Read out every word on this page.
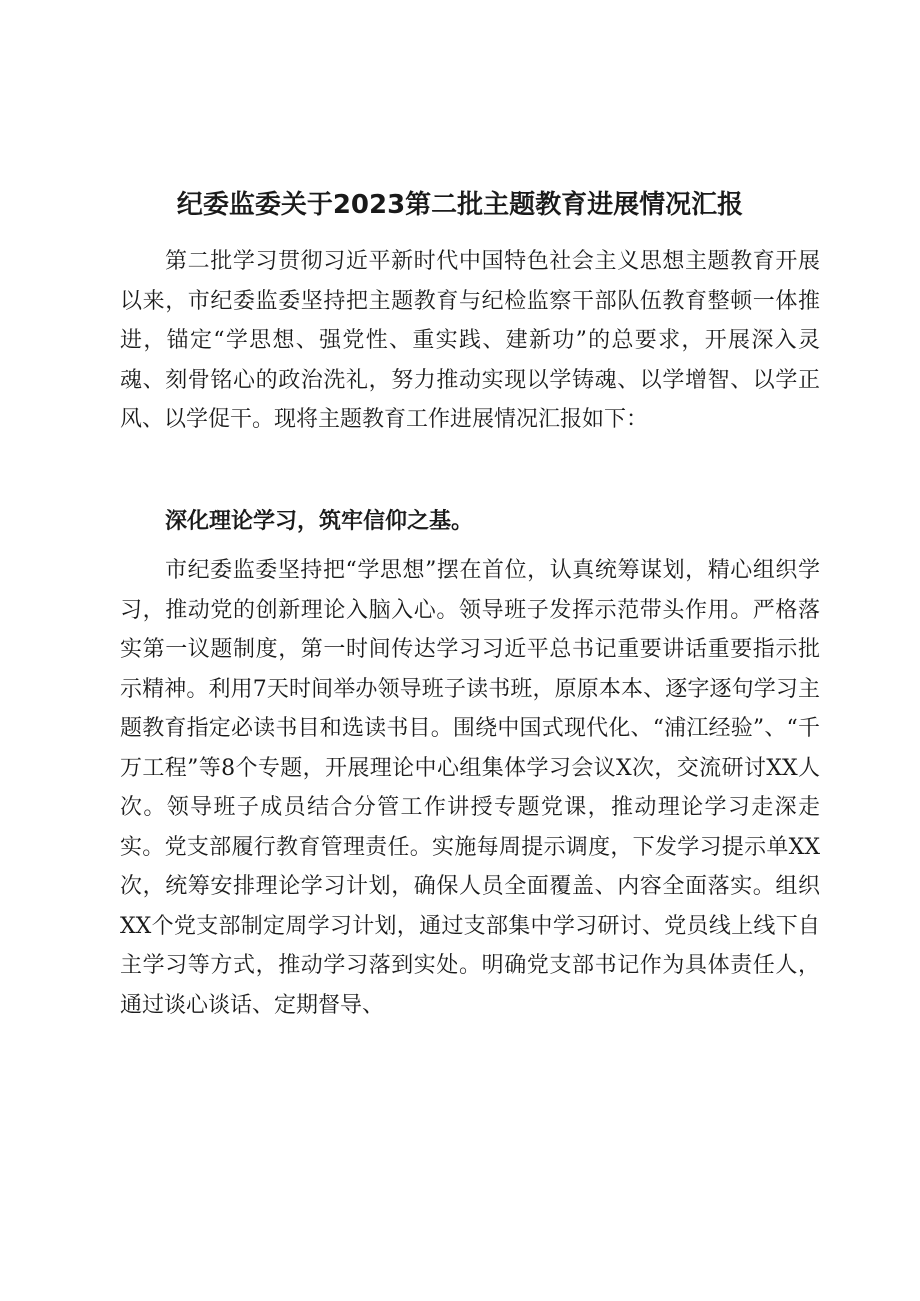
纪委监委关于2023第二批主题教育进展情况汇报

第二批学习贯彻习近平新时代中国特色社会主义思想主题教育开展以来，市纪委监委坚持把主题教育与纪检监察干部队伍教育整顿一体推进，锚定“学思想、强党性、重实践、建新功”的总要求，开展深入灵魂、刻骨铭心的政治洗礼，努力推动实现以学铸魂、以学增智、以学正风、以学促干。现将主题教育工作进展情况汇报如下：

深化理论学习，筑牢信仰之基。

市纪委监委坚持把“学思想”摆在首位，认真统筹谋划，精心组织学习，推动党的创新理论入脑入心。领导班子发挥示范带头作用。严格落实第一议题制度，第一时间传达学习习近平总书记重要讲话重要指示批示精神。利用7天时间举办领导班子读书班，原原本本、逐字逐句学习主题教育指定必读书目和选读书目。围绕中国式现代化、“浦江经验”、“千万工程”等8个专题，开展理论中心组集体学习会议X次，交流研讨XX人次。领导班子成员结合分管工作讲授专题党课，推动理论学习走深走实。党支部履行教育管理责任。实施每周提示调度，下发学习提示单XX次，统筹安排理论学习计划，确保人员全面覆盖、内容全面落实。组织XX个党支部制定周学习计划，通过支部集中学习研讨、党员线上线下自主学习等方式，推动学习落到实处。明确党支部书记作为具体责任人，通过谈心谈话、定期督导、
